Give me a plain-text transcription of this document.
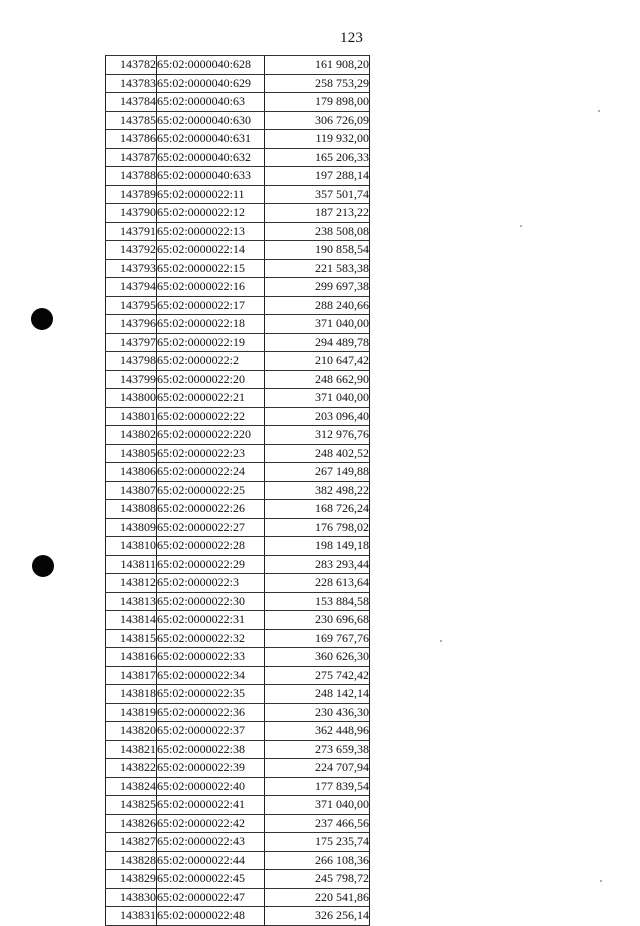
123
143782	65:02:0000040:628	161 908,20
143783	65:02:0000040:629	258 753,29
143784	65:02:0000040:63	179 898,00
143785	65:02:0000040:630	306 726,09
143786	65:02:0000040:631	119 932,00
143787	65:02:0000040:632	165 206,33
143788	65:02:0000040:633	197 288,14
143789	65:02:0000022:11	357 501,74
143790	65:02:0000022:12	187 213,22
143791	65:02:0000022:13	238 508,08
143792	65:02:0000022:14	190 858,54
143793	65:02:0000022:15	221 583,38
143794	65:02:0000022:16	299 697,38
143795	65:02:0000022:17	288 240,66
143796	65:02:0000022:18	371 040,00
143797	65:02:0000022:19	294 489,78
143798	65:02:0000022:2	210 647,42
143799	65:02:0000022:20	248 662,90
143800	65:02:0000022:21	371 040,00
143801	65:02:0000022:22	203 096,40
143802	65:02:0000022:220	312 976,76
143805	65:02:0000022:23	248 402,52
143806	65:02:0000022:24	267 149,88
143807	65:02:0000022:25	382 498,22
143808	65:02:0000022:26	168 726,24
143809	65:02:0000022:27	176 798,02
143810	65:02:0000022:28	198 149,18
143811	65:02:0000022:29	283 293,44
143812	65:02:0000022:3	228 613,64
143813	65:02:0000022:30	153 884,58
143814	65:02:0000022:31	230 696,68
143815	65:02:0000022:32	169 767,76
143816	65:02:0000022:33	360 626,30
143817	65:02:0000022:34	275 742,42
143818	65:02:0000022:35	248 142,14
143819	65:02:0000022:36	230 436,30
143820	65:02:0000022:37	362 448,96
143821	65:02:0000022:38	273 659,38
143822	65:02:0000022:39	224 707,94
143824	65:02:0000022:40	177 839,54
143825	65:02:0000022:41	371 040,00
143826	65:02:0000022:42	237 466,56
143827	65:02:0000022:43	175 235,74
143828	65:02:0000022:44	266 108,36
143829	65:02:0000022:45	245 798,72
143830	65:02:0000022:47	220 541,86
143831	65:02:0000022:48	326 256,14
